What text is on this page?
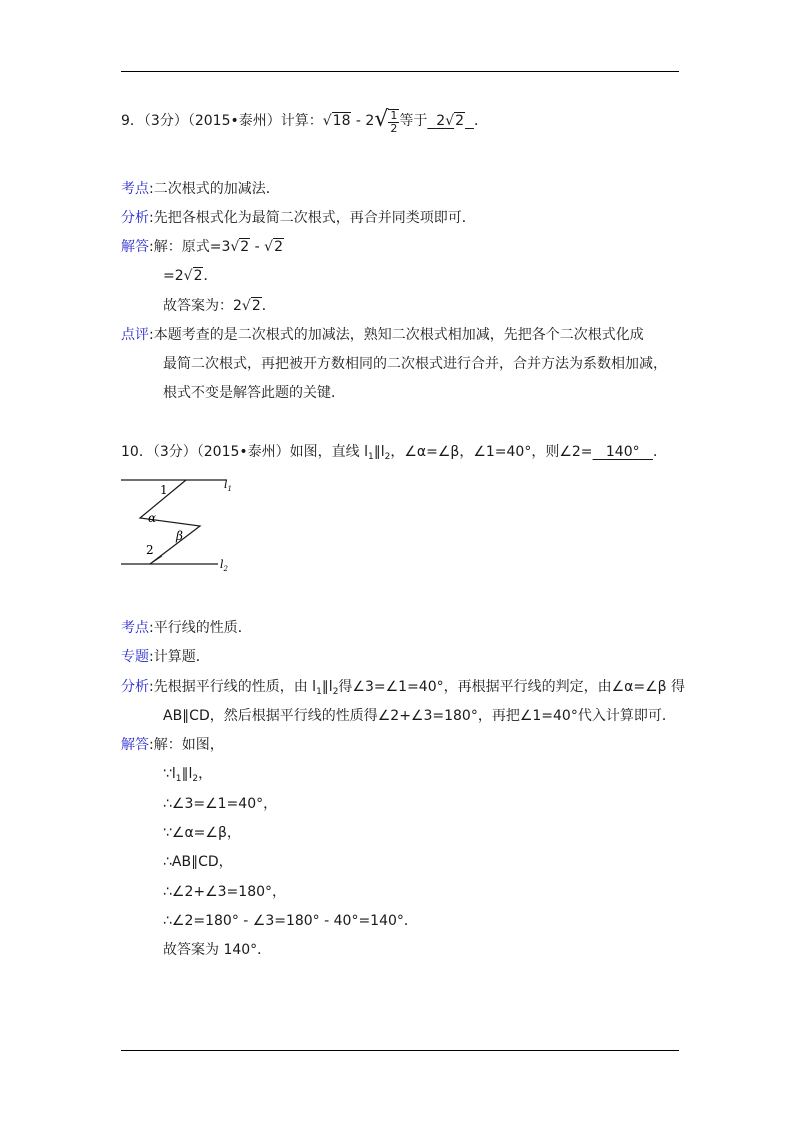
9．（3分）（2015•泰州）计算：$√18 - 2√ \frac{1}{2}$ 等于 2√2 ．
考点:二次根式的加减法．
分析:先把各根式化为最简二次根式，再合并同类项即可．
解答:解：原式=3√2 - √2
=2√2．
故答案为：2√2．
点评:本题考查的是二次根式的加减法，熟知二次根式相加减，先把各个二次根式化成
最简二次根式，再把被开方数相同的二次根式进行合并，合并方法为系数相加减，
根式不变是解答此题的关键．
10．（3分）（2015•泰州）如图，直线 $l_1\parallel l_2$，∠α=∠β，∠1=40°，则∠2= 140° ．
1
α
β
2
$l_1$
$l_2$
考点:平行线的性质．
专题:计算题．
分析:先根据平行线的性质，由 $l_1\parallel l_2$得∠3=∠1=40°，再根据平行线的判定，由∠α=∠β 得
AB∥CD，然后根据平行线的性质得∠2+∠3=180°，再把∠1=40°代入计算即可．
解答:解：如图，
$\because l_1\parallel l_2$，
∴∠3=∠1=40°，
∵∠α=∠β，
∴AB∥CD，
∴∠2+∠3=180°，
∴∠2=180° - ∠3=180° - 40°=140°．
故答案为 140°．
